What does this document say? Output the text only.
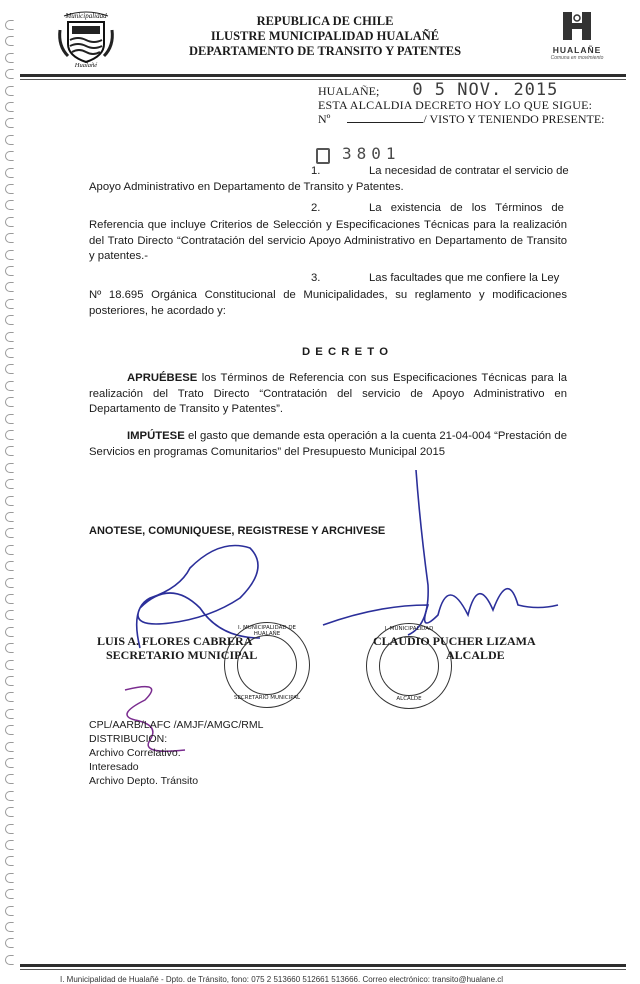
Municipalidad
Hualañé
REPUBLICA DE CHILE
ILUSTRE MUNICIPALIDAD HUALAÑÉ
DEPARTAMENTO DE TRANSITO Y PATENTES	HUALAÑE
Comuna en movimiento
HUALAÑE; 0 5 NOV. 2015
ESTA ALCALDIA DECRETO HOY LO QUE SIGUE:
Nº	/ VISTO Y TENIENDO PRESENTE:
3801
1.	La necesidad de contratar el servicio de
Apoyo Administrativo en Departamento de Transito y Patentes.
2.	La existencia de los Términos de
Referencia que incluye Criterios de Selección y Especificaciones Técnicas para la realización del Trato Directo “Contratación del servicio Apoyo Administrativo en Departamento de Transito y patentes.-
3.	Las facultades que me confiere la Ley
Nº 18.695 Orgánica Constitucional de Municipalidades, su reglamento y modificaciones posteriores, he acordado y:
D E C R E T O
APRUÉBESE los Términos de Referencia con sus Especificaciones Técnicas para la realización del Trato Directo “Contratación del servicio de Apoyo Administrativo en Departamento de Transito y Patentes”.
IMPÚTESE el gasto que demande esta operación a la cuenta 21-04-004 “Prestación de Servicios en programas Comunitarios” del Presupuesto Municipal 2015
ANOTESE, COMUNIQUESE, REGISTRESE Y ARCHIVESE
I. MUNICIPALIDAD DE HUALAÑE
SECRETARIO MUNICIPAL
I. MUNICIPALIDAD
ALCALDE
LUIS A. FLORES CABRERA
SECRETARIO MUNICIPAL
CLAUDIO PUCHER LIZAMA
ALCALDE
CPL/AARB/LAFC /AMJF/AMGC/RML
DISTRIBUCION:
Archivo Correlativo.
Interesado
Archivo Depto. Tránsito
I. Municipalidad de Hualañé - Dpto. de Tránsito, fono: 075 2 513660 512661 513666. Correo electrónico: transito@hualane.cl
